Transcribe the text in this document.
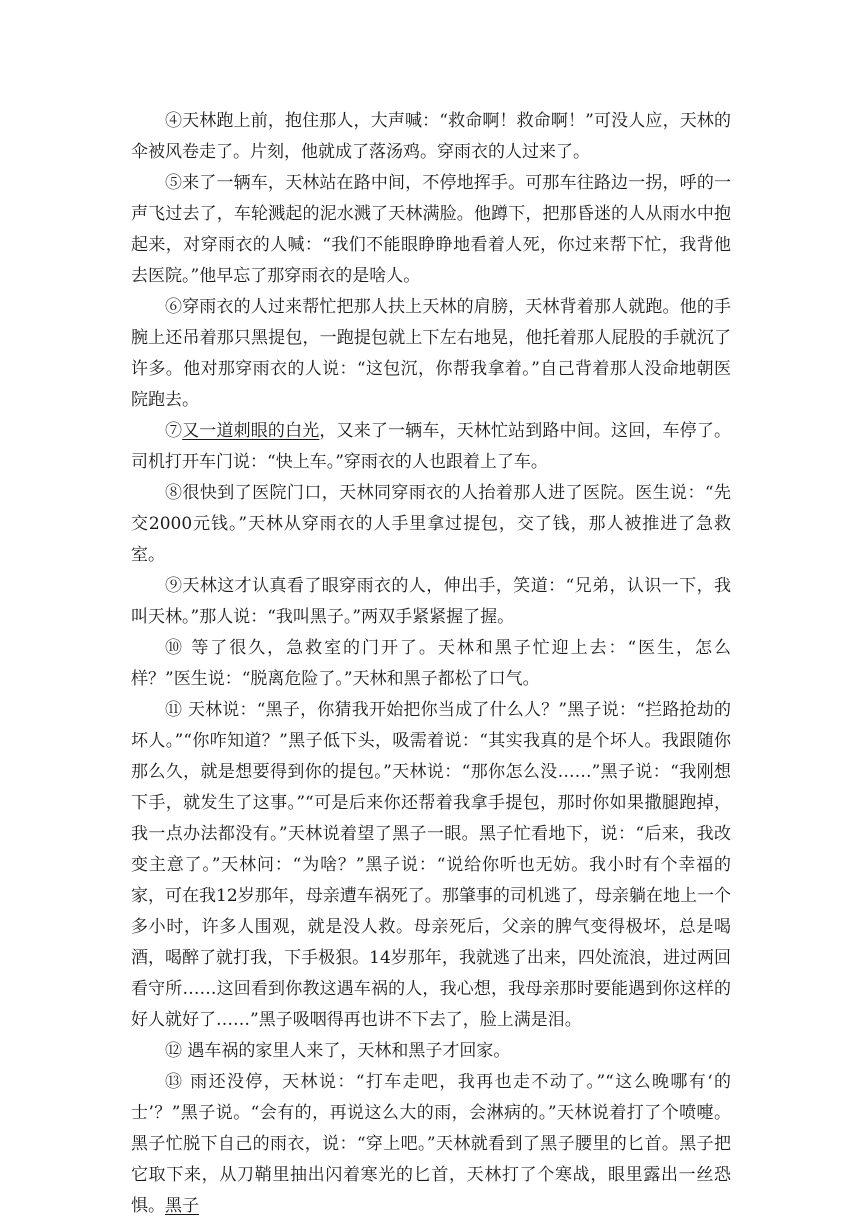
④天林跑上前，抱住那人，大声喊：“救命啊！救命啊！”可没人应，天林的伞被风卷走了。片刻，他就成了落汤鸡。穿雨衣的人过来了。

⑤来了一辆车，天林站在路中间，不停地挥手。可那车往路边一拐，呼的一声飞过去了，车轮溅起的泥水溅了天林满脸。他蹲下，把那昏迷的人从雨水中抱起来，对穿雨衣的人喊：“我们不能眼睁睁地看着人死，你过来帮下忙，我背他去医院。”他早忘了那穿雨衣的是啥人。

⑥穿雨衣的人过来帮忙把那人扶上天林的肩膀，天林背着那人就跑。他的手腕上还吊着那只黑提包，一跑提包就上下左右地晃，他托着那人屁股的手就沉了许多。他对那穿雨衣的人说：“这包沉，你帮我拿着。”自己背着那人没命地朝医院跑去。

⑦又一道刺眼的白光，又来了一辆车，天林忙站到路中间。这回，车停了。司机打开车门说：“快上车。”穿雨衣的人也跟着上了车。

⑧很快到了医院门口，天林同穿雨衣的人抬着那人进了医院。医生说：“先交2000元钱。”天林从穿雨衣的人手里拿过提包，交了钱，那人被推进了急救室。

⑨天林这才认真看了眼穿雨衣的人，伸出手，笑道：“兄弟，认识一下，我叫天林。”那人说：“我叫黑子。”两双手紧紧握了握。

⑩ 等了很久，急救室的门开了。天林和黑子忙迎上去：“医生，怎么样？”医生说：“脱离危险了。”天林和黑子都松了口气。

⑪ 天林说：“黑子，你猜我开始把你当成了什么人？”黑子说：“拦路抢劫的坏人。”“你咋知道？”黑子低下头，吸需着说：“其实我真的是个坏人。我跟随你那么久，就是想要得到你的提包。”天林说：“那你怎么没……”黑子说：“我刚想下手，就发生了这事。”“可是后来你还帮着我拿手提包，那时你如果撒腿跑掉，我一点办法都没有。”天林说着望了黑子一眼。黑子忙看地下，说：“后来，我改变主意了。”天林问：“为啥？”黑子说：“说给你听也无妨。我小时有个幸福的家，可在我12岁那年，母亲遭车祸死了。那肇事的司机逃了，母亲躺在地上一个多小时，许多人围观，就是没人救。母亲死后，父亲的脾气变得极坏，总是喝酒，喝醉了就打我，下手极狠。14岁那年，我就逃了出来，四处流浪，进过两回看守所……这回看到你教这遇车祸的人，我心想，我母亲那时要能遇到你这样的好人就好了……”黑子吸咽得再也讲不下去了，脸上满是泪。

⑫ 遇车祸的家里人来了，天林和黑子才回家。

⑬ 雨还没停，天林说：“打车走吧，我再也走不动了。”“这么晚哪有‘的士’？”黑子说。“会有的，再说这么大的雨，会淋病的。”天林说着打了个喷嚏。黑子忙脱下自己的雨衣，说：“穿上吧。”天林就看到了黑子腰里的匕首。黑子把它取下来，从刀鞘里抽出闪着寒光的匕首，天林打了个寒战，眼里露出一丝恐惧。黑子
